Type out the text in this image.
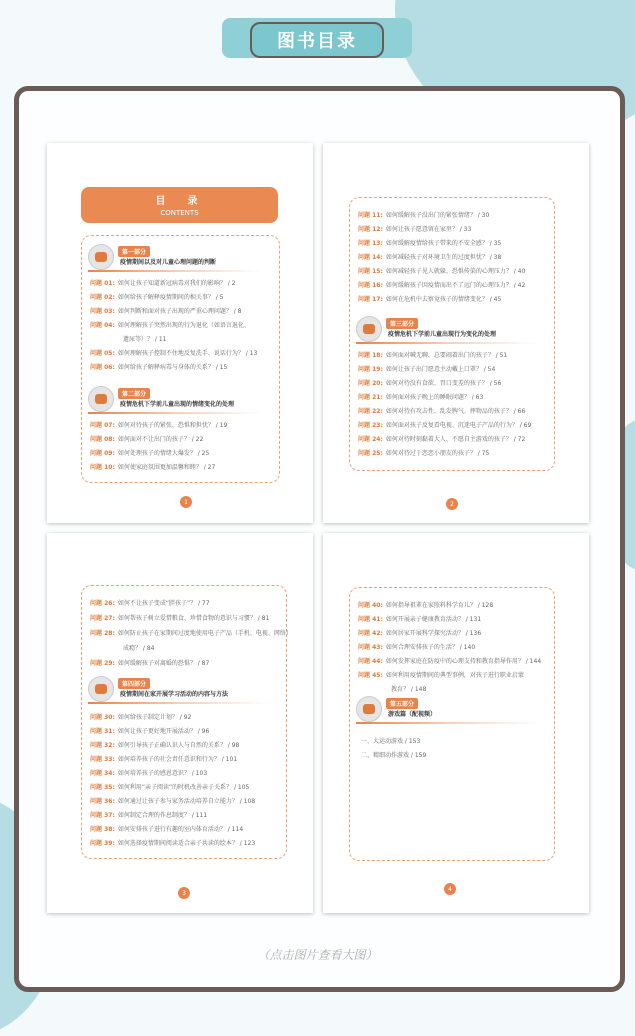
图书目录
目　录
CONTENTS
第一部分
疫情期间以及对儿童心理问题的判断
问题 01: 如何让孩子知道新冠病毒对我们的影响？ / 2
问题 02: 如何给孩子解释疫情期间的相关事？ / 5
问题 03: 如何判断和面对孩子出现的严重心理问题？ / 8
问题 04: 如何理解孩子突然出现的行为退化（如语言退化、
遗尿等）？ / 11
问题 05: 如何理解孩子控制不住地反复洗手、说话行为？ / 13
问题 06: 如何给孩子解释病毒与身体的关系？ / 15
第二部分
疫情危机下学前儿童出现的情绪变化的处理
问题 07: 如何对待孩子的紧张、恐惧和担忧？ / 19
问题 08: 如何面对不让出门的孩子？ / 22
问题 09: 如何处理孩子的情绪大爆发？ / 25
问题 10: 如何使家庭氛围更加温馨和睦？ / 27
1
问题 11: 如何缓解孩子没出门的紧张情绪？ / 30
问题 12: 如何让孩子愿意留在家里？ / 33
问题 13: 如何缓解疫情给孩子带来的不安全感？ / 35
问题 14: 如何减轻孩子对环境卫生的过度担忧？ / 38
问题 15: 如何减轻孩子见人就躲、恐惧传染的心理压力？ / 40
问题 16: 如何缓解孩子因疫情而出不了远门的心理压力？ / 42
问题 17: 如何在危机中去察觉孩子的情绪变化？ / 45
第三部分
疫情危机下学前儿童出现行为变化的处理
问题 18: 如何面对喊无聊、总要闹着出门的孩子？ / 51
问题 19: 如何让孩子出门愿意主动戴上口罩？ / 54
问题 20: 如何对待没有食欲、胃口变差的孩子？ / 56
问题 21: 如何面对孩子晚上的睡眠问题？ / 63
问题 22: 如何对待有攻击性、乱发脾气、摔物品的孩子？ / 66
问题 23: 如何面对孩子反复看电视、沉迷电子产品的行为？ / 69
问题 24: 如何对待时刻黏着大人、不愿自主游戏的孩子？ / 72
问题 25: 如何对待过于恋恋小朋友的孩子？ / 75
2
问题 26: 如何不让孩子变成“胖孩子”？ / 77
问题 27: 如何帮孩子树立爱惜粮食、珍惜食物的意识与习惯？ / 81
问题 28: 如何防止孩子在家期间过度地使用电子产品（手机、电视、网络）
成瘾？ / 84
问题 29: 如何缓解孩子对离婚的恐惧？ / 87
第四部分
疫情期间在家开展学习活动的内容与方法
问题 30: 如何给孩子制定计划？ / 92
问题 31: 如何让孩子更好地开展活动？ / 96
问题 32: 如何引导孩子正确认识人与自然的关系？ / 98
问题 33: 如何培养孩子的社会责任意识和行为？ / 101
问题 34: 如何培养孩子的感恩意识？ / 103
问题 35: 如何利用“亲子阅读”的时机改善亲子关系？ / 105
问题 36: 如何通过让孩子参与家务活动培养自立能力？ / 108
问题 37: 如何制定合理的作息制度？ / 111
问题 38: 如何安排孩子进行有趣的室内体育活动？ / 114
问题 39: 如何选择疫情期间阅读适合亲子共读的绘本？ / 123
3
问题 40: 如何指导祖辈在家照料科学育儿？ / 128
问题 41: 如何开展亲子健康教育活动？ / 131
问题 42: 如何居家开展科学探究活动？ / 136
问题 43: 如何合理安排孩子的生活？ / 140
问题 44: 如何发挥家庭在防疫中的心理支持和教育指导作用？ / 144
问题 45: 如何利用疫情期间的典型事例，对孩子进行职业启蒙
教育？ / 148
第五部分
游戏篇（配视频）
一、大运动游戏 / 153
二、精细动作游戏 / 159
4
（点击图片查看大图）
